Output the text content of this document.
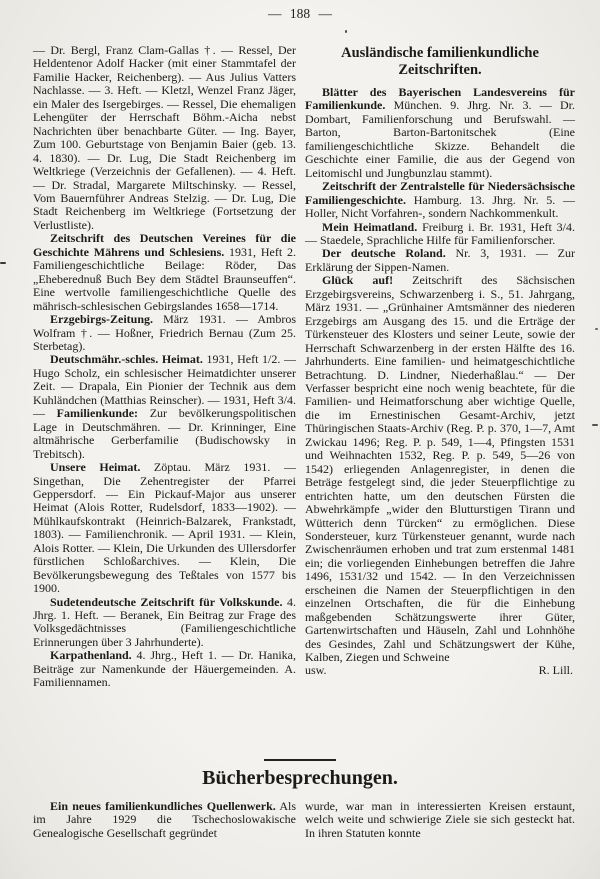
— 188 —

— Dr. Bergl, Franz Clam-Gallas †. — Ressel, Der Heldentenor Adolf Hacker (mit einer Stammtafel der Familie Hacker, Reichenberg). — Aus Julius Vatters Nachlasse. — 3. Heft. — Kletzl, Wenzel Franz Jäger, ein Maler des Isergebirges. — Ressel, Die ehemaligen Lehengüter der Herrschaft Böhm.-Aicha nebst Nachrichten über benachbarte Güter. — Ing. Bayer, Zum 100. Geburtstage von Benjamin Baier (geb. 13. 4. 1830). — Dr. Lug, Die Stadt Reichenberg im Weltkriege (Verzeichnis der Gefallenen). — 4. Heft. — Dr. Stradal, Margarete Miltschinsky. — Ressel, Vom Bauernführer Andreas Stelzig. — Dr. Lug, Die Stadt Reichenberg im Weltkriege (Fortsetzung der Verlustliste).

Zeitschrift des Deutschen Vereines für die Geschichte Mährens und Schlesiens. 1931, Heft 2. Familiengeschichtliche Beilage: Röder, Das „Eheberednuß Buch Bey dem Städtel Braunseuffen“. Eine wertvolle familiengeschichtliche Quelle des mährisch-schlesischen Gebirgslandes 1658—1714.

Erzgebirgs-Zeitung. März 1931. — Ambros Wolfram †. — Hoßner, Friedrich Bernau (Zum 25. Sterbetag).

Deutschmähr.-schles. Heimat. 1931, Heft 1/2. — Hugo Scholz, ein schlesischer Heimatdichter unserer Zeit. — Drapala, Ein Pionier der Technik aus dem Kuhländchen (Matthias Reinscher). — 1931, Heft 3/4. — Familienkunde: Zur bevölkerungspolitischen Lage in Deutschmähren. — Dr. Krinninger, Eine altmährische Gerberfamilie (Budischowsky in Trebitsch).

Unsere Heimat. Zöptau. März 1931. — Singethan, Die Zehentregister der Pfarrei Geppersdorf. — Ein Pickauf-Major aus unserer Heimat (Alois Rotter, Rudelsdorf, 1833—1902). — Mühlkaufskontrakt (Heinrich-Balzarek, Frankstadt, 1803). — Familienchronik. — April 1931. — Klein, Alois Rotter. — Klein, Die Urkunden des Ullersdorfer fürstlichen Schloßarchives. — Klein, Die Bevölkerungsbewegung des Teßtales von 1577 bis 1900.

Sudetendeutsche Zeitschrift für Volkskunde. 4. Jhrg. 1. Heft. — Beranek, Ein Beitrag zur Frage des Volksgedächtnisses (Familiengeschichtliche Erinnerungen über 3 Jahrhunderte).

Karpathenland. 4. Jhrg., Heft 1. — Dr. Hanika, Beiträge zur Namenkunde der Häuergemeinden. A. Familiennamen.

Ausländische familienkundliche Zeitschriften.

Blätter des Bayerischen Landesvereins für Familienkunde. München. 9. Jhrg. Nr. 3. — Dr. Dombart, Familienforschung und Berufswahl. — Barton, Barton-Bartonitschek (Eine familiengeschichtliche Skizze. Behandelt die Geschichte einer Familie, die aus der Gegend von Leitomischl und Jungbunzlau stammt).

Zeitschrift der Zentralstelle für Niedersächsische Familiengeschichte. Hamburg. 13. Jhrg. Nr. 5. — Holler, Nicht Vorfahren-, sondern Nachkommenkult.

Mein Heimatland. Freiburg i. Br. 1931, Heft 3/4. — Staedele, Sprachliche Hilfe für Familienforscher.

Der deutsche Roland. Nr. 3, 1931. — Zur Erklärung der Sippen-Namen.

Glück auf! Zeitschrift des Sächsischen Erzgebirgsvereins, Schwarzenberg i. S., 51. Jahrgang, März 1931. — „Grünhainer Amtsmänner des niederen Erzgebirgs am Ausgang des 15. und die Erträge der Türkensteuer des Klosters und seiner Leute, sowie der Herrschaft Schwarzenberg in der ersten Hälfte des 16. Jahrhunderts. Eine familien- und heimatgeschichtliche Betrachtung. D. Lindner, Niederhaßlau.“ — Der Verfasser bespricht eine noch wenig beachtete, für die Familien- und Heimatforschung aber wichtige Quelle, die im Ernestinischen Gesamt-Archiv, jetzt Thüringischen Staats-Archiv (Reg. P. p. 370, 1—7, Amt Zwickau 1496; Reg. P. p. 549, 1—4, Pfingsten 1531 und Weihnachten 1532, Reg. P. p. 549, 5—26 von 1542) erliegenden Anlagenregister, in denen die Beträge festgelegt sind, die jeder Steuerpflichtige zu entrichten hatte, um den deutschen Fürsten die Abwehrkämpfe „wider den Blutturstigen Tirann und Wütterich denn Türcken“ zu ermöglichen. Diese Sondersteuer, kurz Türkensteuer genannt, wurde nach Zwischenräumen erhoben und trat zum erstenmal 1481 ein; die vorliegenden Einhebungen betreffen die Jahre 1496, 1531/32 und 1542. — In den Verzeichnissen erscheinen die Namen der Steuerpflichtigen in den einzelnen Ortschaften, die für die Einhebung maßgebenden Schätzungswerte ihrer Güter, Gartenwirtschaften und Häuseln, Zahl und Lohnhöhe des Gesindes, Zahl und Schätzungswert der Kühe, Kalben, Ziegen und Schweine

usw.	R. Lill.
Bücherbesprechungen.

Ein neues familienkundliches Quellenwerk. Als im Jahre 1929 die Tschechoslowakische Genealogische Gesellschaft gegründet

wurde, war man in interessierten Kreisen erstaunt, welch weite und schwierige Ziele sie sich gesteckt hat. In ihren Statuten konnte
